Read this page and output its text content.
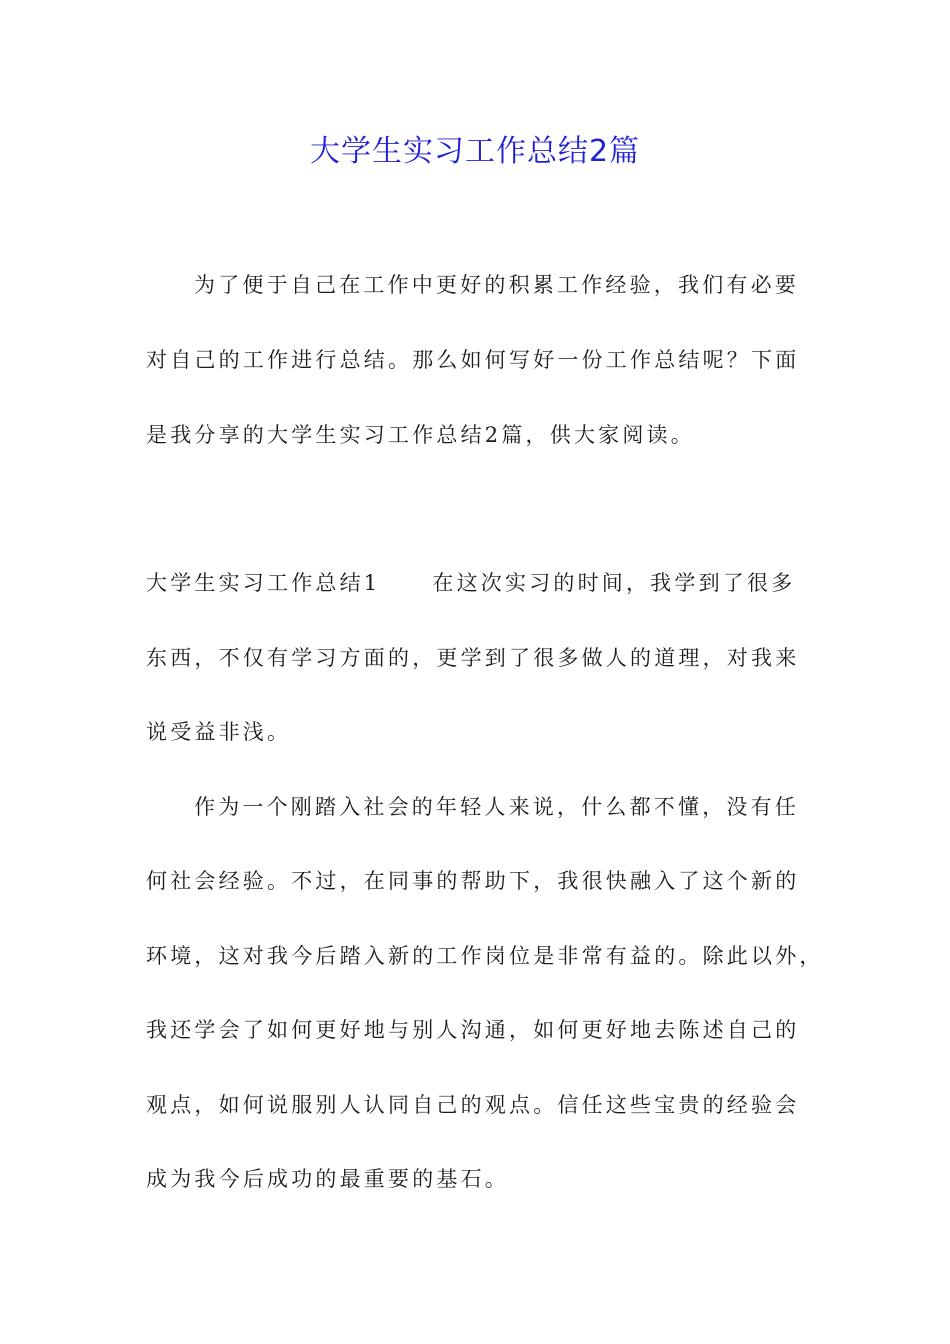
大学生实习工作总结2篇
为了便于自己在工作中更好的积累工作经验，我们有必要
对自己的工作进行总结。那么如何写好一份工作总结呢？下面
是我分享的大学生实习工作总结2篇，供大家阅读。
大学生实习工作总结1 在这次实习的时间，我学到了很多
东西，不仅有学习方面的，更学到了很多做人的道理，对我来
说受益非浅。
作为一个刚踏入社会的年轻人来说，什么都不懂，没有任
何社会经验。不过，在同事的帮助下，我很快融入了这个新的
环境，这对我今后踏入新的工作岗位是非常有益的。除此以外，
我还学会了如何更好地与别人沟通，如何更好地去陈述自己的
观点，如何说服别人认同自己的观点。信任这些宝贵的经验会
成为我今后成功的最重要的基石。
